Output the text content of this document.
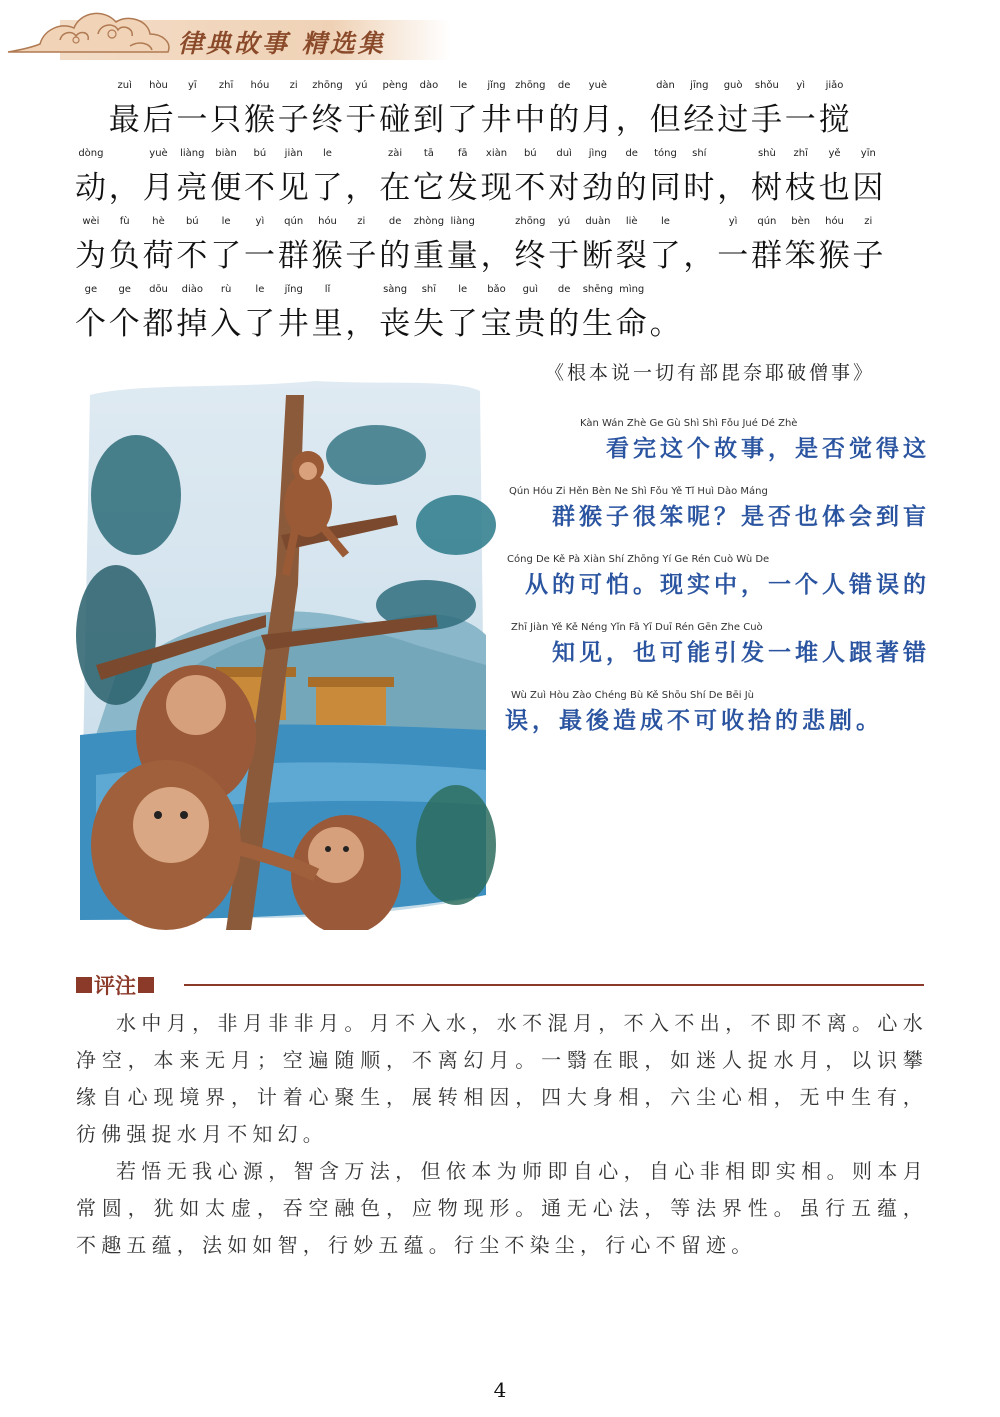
律典故事 精选集
zuì hòu yī zhī hóu zi zhōng yú pèng dào le jǐng zhōng de yuè	dàn jīng guò shǒu yì jiǎo
　最后一只猴子终于碰到了井中的月，但经过手一搅
dòng	yuè liàng biàn bú jiàn le	zài tā fā xiàn bú duì jìng de tóng shí	shù zhī yě yīn
动，月亮便不见了，在它发现不对劲的同时，树枝也因
wèi fù hè bú le yì qún hóu zi de zhòng liàng	zhōng yú duàn liè le	yì qún bèn hóu zi
为负荷不了一群猴子的重量，终于断裂了，一群笨猴子
ge ge dōu diào rù le jǐng lǐ	sàng shī le bǎo guì de shēng mìng
个个都掉入了井里，丧失了宝贵的生命。
《根本说一切有部毘奈耶破僧事》
Kàn Wán Zhè Ge Gù Shì Shì Fǒu Jué Dé Zhè
看完这个故事，是否觉得这
Qún Hóu Zi Hěn Bèn Ne Shì Fǒu Yě Tǐ Huì Dào Máng
群猴子很笨呢？是否也体会到盲
Cóng De Kě Pà Xiàn Shí Zhōng Yí Ge Rén Cuò Wù De
从的可怕。现实中，一个人错误的
Zhī Jiàn Yě Kě Néng Yǐn Fā Yī Duī Rén Gēn Zhe Cuò
知见，也可能引发一堆人跟著错
Wù Zuì Hòu Zào Chéng Bù Kě Shōu Shí De Bēi Jù
误，最後造成不可收拾的悲剧。
评注

水中月，非月非非月。月不入水，水不混月，不入不出，不即不离。心水净空，本来无月；空遍随顺，不离幻月。一翳在眼，如迷人捉水月，以识攀缘自心现境界，计着心聚生，展转相因，四大身相，六尘心相，无中生有，彷佛强捉水月不知幻。

若悟无我心源，智含万法，但依本为师即自心，自心非相即实相。则本月常圆，犹如太虚，吞空融色，应物现形。通无心法，等法界性。虽行五蕴，不趣五蕴，法如如智，行妙五蕴。行尘不染尘，行心不留迹。

4
